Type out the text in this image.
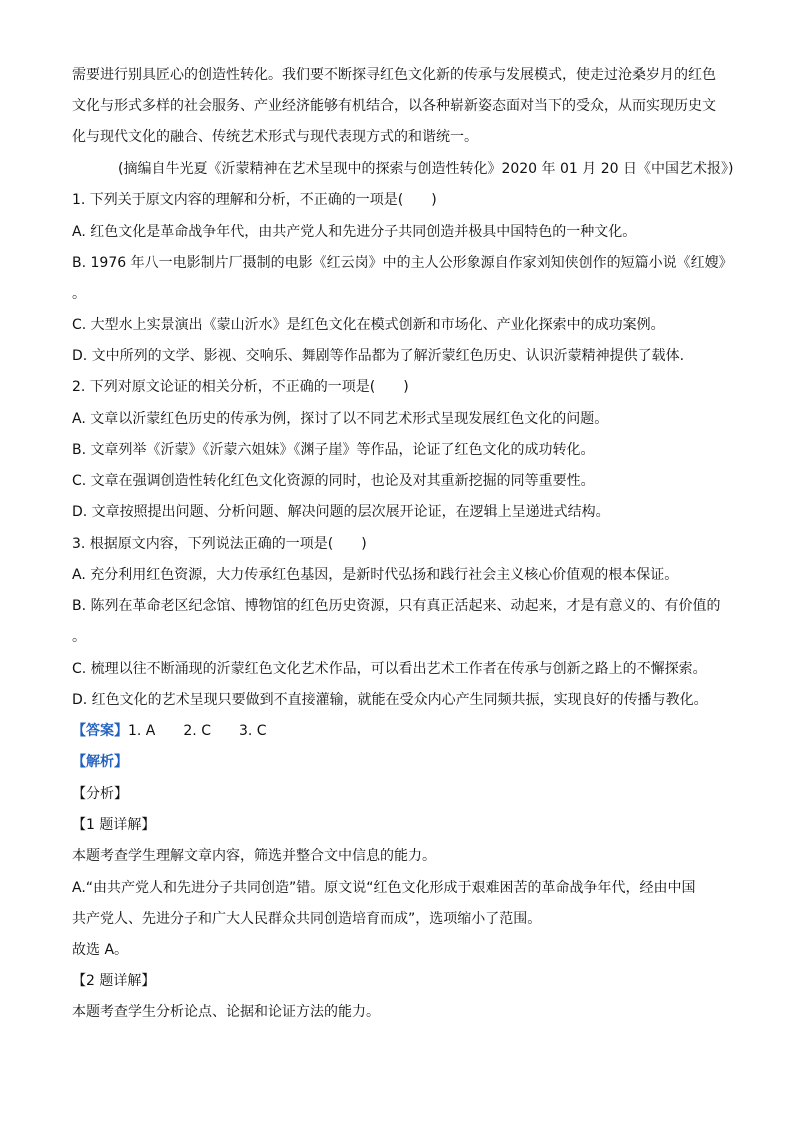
需要进行别具匠心的创造性转化。我们要不断探寻红色文化新的传承与发展模式，使走过沧桑岁月的红色
文化与形式多样的社会服务、产业经济能够有机结合，以各种崭新姿态面对当下的受众，从而实现历史文
化与现代文化的融合、传统艺术形式与现代表现方式的和谐统一。
(摘编自牛光夏《沂蒙精神在艺术呈现中的探索与创造性转化》2020 年 01 月 20 日《中国艺术报》)
1. 下列关于原文内容的理解和分析，不正确的一项是(　　)
A. 红色文化是革命战争年代，由共产党人和先进分子共同创造并极具中国特色的一种文化。
B. 1976 年八一电影制片厂摄制的电影《红云岗》中的主人公形象源自作家刘知侠创作的短篇小说《红嫂》
。
C. 大型水上实景演出《蒙山沂水》是红色文化在模式创新和市场化、产业化探索中的成功案例。
D. 文中所列的文学、影视、交响乐、舞剧等作品都为了解沂蒙红色历史、认识沂蒙精神提供了载体.
2. 下列对原文论证的相关分析，不正确的一项是(　　)
A. 文章以沂蒙红色历史的传承为例，探讨了以不同艺术形式呈现发展红色文化的问题。
B. 文章列举《沂蒙》《沂蒙六姐妹》《渊子崖》等作品，论证了红色文化的成功转化。
C. 文章在强调创造性转化红色文化资源的同时，也论及对其重新挖掘的同等重要性。
D. 文章按照提出问题、分析问题、解决问题的层次展开论证，在逻辑上呈递进式结构。
3. 根据原文内容，下列说法正确的一项是(　　)
A. 充分利用红色资源，大力传承红色基因，是新时代弘扬和践行社会主义核心价值观的根本保证。
B. 陈列在革命老区纪念馆、博物馆的红色历史资源，只有真正活起来、动起来，才是有意义的、有价值的
。
C. 梳理以往不断涌现的沂蒙红色文化艺术作品，可以看出艺术工作者在传承与创新之路上的不懈探索。
D. 红色文化的艺术呈现只要做到不直接灌输，就能在受众内心产生同频共振，实现良好的传播与教化。
【答案】1. A　　2. C　　3. C
【解析】
【分析】
【1 题详解】
本题考查学生理解文章内容，筛选并整合文中信息的能力。
A.“由共产党人和先进分子共同创造”错。原文说“红色文化形成于艰难困苦的革命战争年代，经由中国
共产党人、先进分子和广大人民群众共同创造培育而成”，选项缩小了范围。
故选 A。
【2 题详解】
本题考查学生分析论点、论据和论证方法的能力。
